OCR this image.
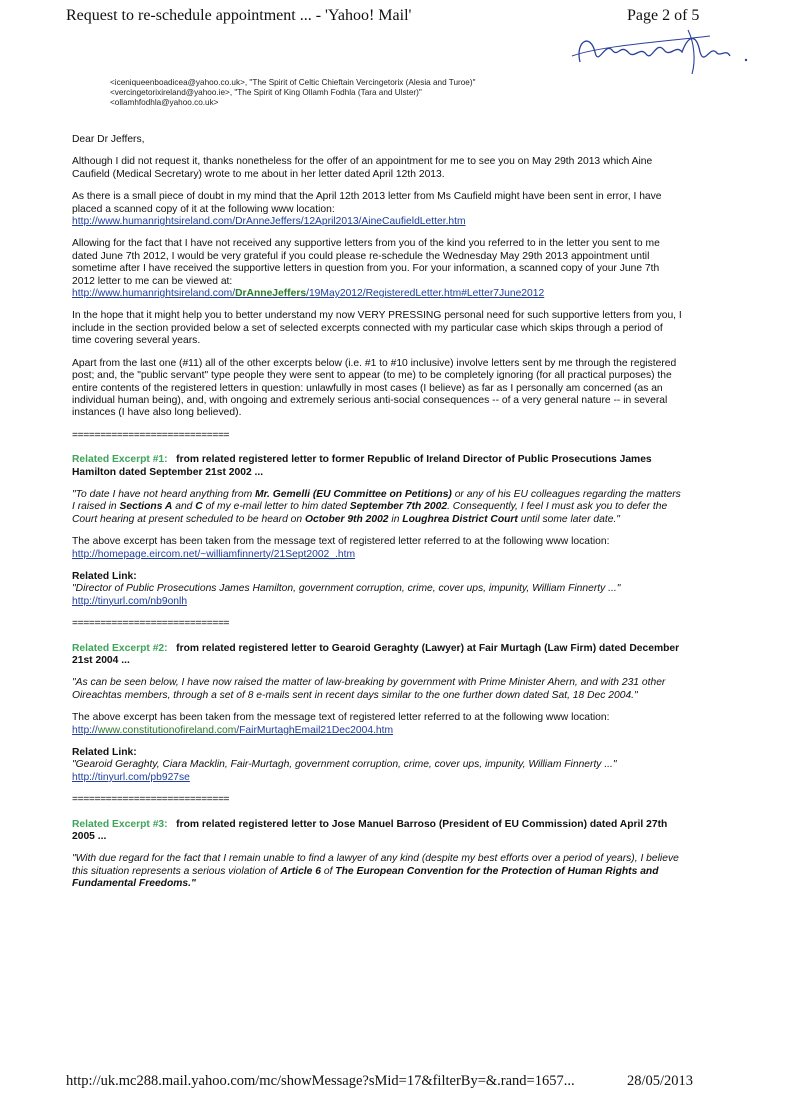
Request to re-schedule appointment ... - 'Yahoo! Mail'	Page 2 of 5
<iceniqueenboadicea@yahoo.co.uk>, "The Spirit of Celtic Chieftain Vercingetorix (Alesia and Turoe)"
<vercingetorixireland@yahoo.ie>, "The Spirit of King Ollamh Fodhla (Tara and Ulster)"
<ollamhfodhla@yahoo.co.uk>

Dear Dr Jeffers,

Although I did not request it, thanks nonetheless for the offer of an appointment for me to see you on May 29th 2013 which Aine Caufield (Medical Secretary) wrote to me about in her letter dated April 12th 2013.

As there is a small piece of doubt in my mind that the April 12th 2013 letter from Ms Caufield might have been sent in error, I have placed a scanned copy of it at the following www location:
http://www.humanrightsireland.com/DrAnneJeffers/12April2013/AineCaufieldLetter.htm

Allowing for the fact that I have not received any supportive letters from you of the kind you referred to in the letter you sent to me dated June 7th 2012, I would be very grateful if you could please re-schedule the Wednesday May 29th 2013 appointment until sometime after I have received the supportive letters in question from you. For your information, a scanned copy of your June 7th 2012 letter to me can be viewed at:
http://www.humanrightsireland.com/DrAnneJeffers/19May2012/RegisteredLetter.htm#Letter7June2012

In the hope that it might help you to better understand my now VERY PRESSING personal need for such supportive letters from you, I include in the section provided below a set of selected excerpts connected with my particular case which skips through a period of time covering several years.

Apart from the last one (#11) all of the other excerpts below (i.e. #1 to #10 inclusive) involve letters sent by me through the registered post; and, the "public servant" type people they were sent to appear (to me) to be completely ignoring (for all practical purposes) the entire contents of the registered letters in question: unlawfully in most cases (I believe) as far as I personally am concerned (as an individual human being), and, with ongoing and extremely serious anti-social consequences -- of a very general nature -- in several instances (I have also long believed).

============================

Related Excerpt #1: from related registered letter to former Republic of Ireland Director of Public Prosecutions James Hamilton dated September 21st 2002 ...

"To date I have not heard anything from Mr. Gemelli (EU Committee on Petitions) or any of his EU colleagues regarding the matters I raised in Sections A and C of my e-mail letter to him dated September 7th 2002. Consequently, I feel I must ask you to defer the Court hearing at present scheduled to be heard on October 9th 2002 in Loughrea District Court until some later date."

The above excerpt has been taken from the message text of registered letter referred to at the following www location:
http://homepage.eircom.net/~williamfinnerty/21Sept2002_.htm

Related Link:
"Director of Public Prosecutions James Hamilton, government corruption, crime, cover ups, impunity, William Finnerty ..."
http://tinyurl.com/nb9onlh

============================

Related Excerpt #2: from related registered letter to Gearoid Geraghty (Lawyer) at Fair Murtagh (Law Firm) dated December 21st 2004 ...

"As can be seen below, I have now raised the matter of law-breaking by government with Prime Minister Ahern, and with 231 other Oireachtas members, through a set of 8 e-mails sent in recent days similar to the one further down dated Sat, 18 Dec 2004."

The above excerpt has been taken from the message text of registered letter referred to at the following www location:
http://www.constitutionofireland.com/FairMurtaghEmail21Dec2004.htm

Related Link:
"Gearoid Geraghty, Ciara Macklin, Fair-Murtagh, government corruption, crime, cover ups, impunity, William Finnerty ..."
http://tinyurl.com/pb927se

============================

Related Excerpt #3: from related registered letter to Jose Manuel Barroso (President of EU Commission) dated April 27th 2005 ...

"With due regard for the fact that I remain unable to find a lawyer of any kind (despite my best efforts over a period of years), I believe this situation represents a serious violation of Article 6 of The European Convention for the Protection of Human Rights and Fundamental Freedoms."

http://uk.mc288.mail.yahoo.com/mc/showMessage?sMid=17&filterBy=&.rand=1657...	28/05/2013
